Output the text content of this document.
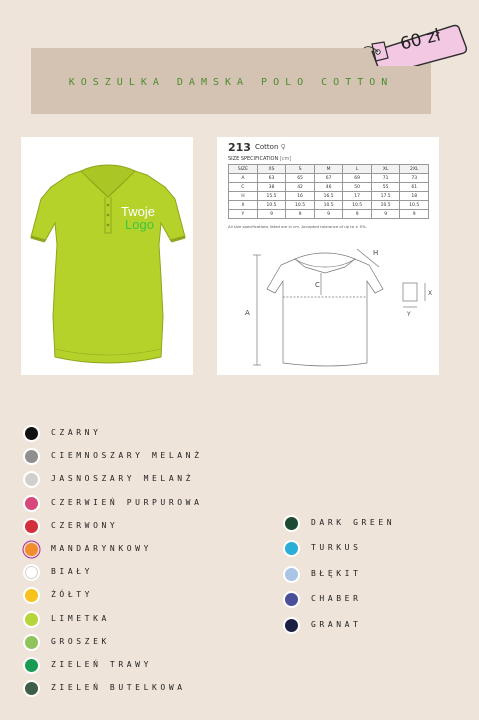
KOSZULKA DAMSKA POLO COTTON
60 zł
Twoje
Logo
213 Cotton ♀
SIZE SPECIFICATION [cm]
SIZE	XS	S	M	L	XL	2XL
A	63	65	67	69	71	73
C	38	42	46	50	55	61
H	15.5	16	16.5	17	17.5	18
X	10.5	10.5	10.5	10.5	10.5	10.5
Y	9	9	9	9	9	9
All size specifications listed are in cm. Accepted tolerance of up to ± 5%.
A
C
H
X
Y
CZARNY
CIEMNOSZARY MELANŻ
JASNOSZARY MELANŻ
CZERWIEŃ PURPUROWA
CZERWONY
MANDARYNKOWY
BIAŁY
ŻÓŁTY
LIMETKA
GROSZEK
ZIELEŃ TRAWY
ZIELEŃ BUTELKOWA
DARK GREEN
TURKUS
BŁĘKIT
CHABER
GRANAT
